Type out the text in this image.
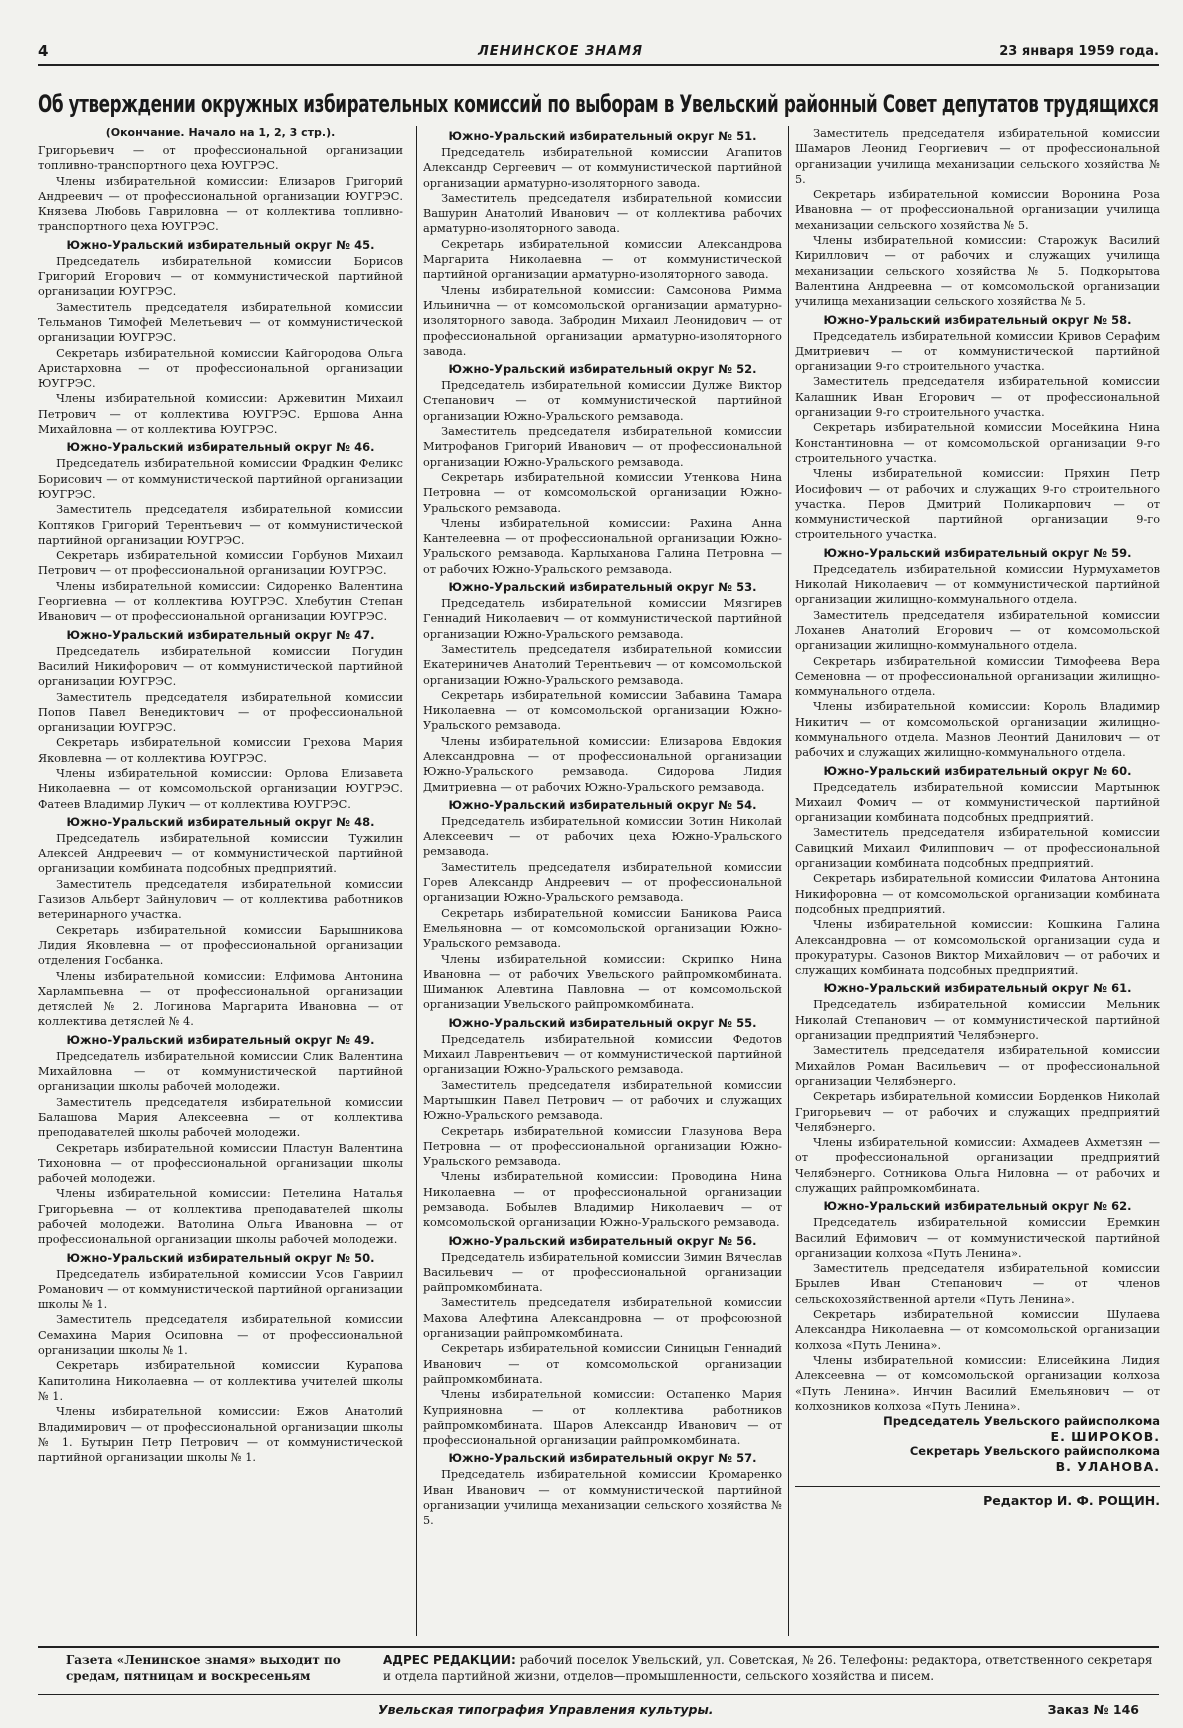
4	ЛЕНИНСКОЕ ЗНАМЯ	23 января 1959 года.
Об утверждении окружных избирательных комиссий по выборам в Увельский районный Совет депутатов трудящихся
(Окончание. Начало на 1, 2, 3 стр.).

Григорьевич — от профессиональной организации топливно-транспортного цеха ЮУГРЭС.

Члены избирательной комиссии: Елизаров Григорий Андреевич — от профессиональной организации ЮУГРЭС. Князева Любовь Гавриловна — от коллектива топливно-транспортного цеха ЮУГРЭС.

Южно-Уральский избирательный округ № 45.

Председатель избирательной комиссии Борисов Григорий Егорович — от коммунистической партийной организации ЮУГРЭС.

Заместитель председателя избирательной комиссии Тельманов Тимофей Мелетьевич — от коммунистической организации ЮУГРЭС.

Секретарь избирательной комиссии Кайгородова Ольга Аристарховна — от профессиональной организации ЮУГРЭС.

Члены избирательной комиссии: Аржевитин Михаил Петрович — от коллектива ЮУГРЭС. Ершова Анна Михайловна — от коллектива ЮУГРЭС.

Южно-Уральский избирательный округ № 46.

Председатель избирательной комиссии Фрадкин Феликс Борисович — от коммунистической партийной организации ЮУГРЭС.

Заместитель председателя избирательной комиссии Коптяков Григорий Терентьевич — от коммунистической партийной организации ЮУГРЭС.

Секретарь избирательной комиссии Горбунов Михаил Петрович — от профессиональной организации ЮУГРЭС.

Члены избирательной комиссии: Сидоренко Валентина Георгиевна — от коллектива ЮУГРЭС. Хлебутин Степан Иванович — от профессиональной организации ЮУГРЭС.

Южно-Уральский избирательный округ № 47.

Председатель избирательной комиссии Погудин Василий Никифорович — от коммунистической партийной организации ЮУГРЭС.

Заместитель председателя избирательной комиссии Попов Павел Венедиктович — от профессиональной организации ЮУГРЭС.

Секретарь избирательной комиссии Грехова Мария Яковлевна — от коллектива ЮУГРЭС.

Члены избирательной комиссии: Орлова Елизавета Николаевна — от комсомольской организации ЮУГРЭС. Фатеев Владимир Лукич — от коллектива ЮУГРЭС.

Южно-Уральский избирательный округ № 48.

Председатель избирательной комиссии Тужилин Алексей Андреевич — от коммунистической партийной организации комбината подсобных предприятий.

Заместитель председателя избирательной комиссии Газизов Альберт Зайнулович — от коллектива работников ветеринарного участка.

Секретарь избирательной комиссии Барышникова Лидия Яковлевна — от профессиональной организации отделения Госбанка.

Члены избирательной комиссии: Елфимова Антонина Харлампьевна — от профессиональной организации детяслей № 2. Логинова Маргарита Ивановна — от коллектива детяслей № 4.

Южно-Уральский избирательный округ № 49.

Председатель избирательной комиссии Слик Валентина Михайловна — от коммунистической партийной организации школы рабочей молодежи.

Заместитель председателя избирательной комиссии Балашова Мария Алексеевна — от коллектива преподавателей школы рабочей молодежи.

Секретарь избирательной комиссии Пластун Валентина Тихоновна — от профессиональной организации школы рабочей молодежи.

Члены избирательной комиссии: Петелина Наталья Григорьевна — от коллектива преподавателей школы рабочей молодежи. Ватолина Ольга Ивановна — от профессиональной организации школы рабочей молодежи.

Южно-Уральский избирательный округ № 50.

Председатель избирательной комиссии Усов Гавриил Романович — от коммунистической партийной организации школы № 1.

Заместитель председателя избирательной комиссии Семахина Мария Осиповна — от профессиональной организации школы № 1.

Секретарь избирательной комиссии Курапова Капитолина Николаевна — от коллектива учителей школы № 1.

Члены избирательной комиссии: Ежов Анатолий Владимирович — от профессиональной организации школы № 1. Бутырин Петр Петрович — от коммунистической партийной организации школы № 1.

Южно-Уральский избирательный округ № 51.

Председатель избирательной комиссии Агапитов Александр Сергеевич — от коммунистической партийной организации арматурно-изоляторного завода.

Заместитель председателя избирательной комиссии Вашурин Анатолий Иванович — от коллектива рабочих арматурно-изоляторного завода.

Секретарь избирательной комиссии Александрова Маргарита Николаевна — от коммунистической партийной организации арматурно-изоляторного завода.

Члены избирательной комиссии: Самсонова Римма Ильинична — от комсомольской организации арматурно-изоляторного завода. Забродин Михаил Леонидович — от профессиональной организации арматурно-изоляторного завода.

Южно-Уральский избирательный округ № 52.

Председатель избирательной комиссии Дулже Виктор Степанович — от коммунистической партийной организации Южно-Уральского ремзавода.

Заместитель председателя избирательной комиссии Митрофанов Григорий Иванович — от профессиональной организации Южно-Уральского ремзавода.

Секретарь избирательной комиссии Утенкова Нина Петровна — от комсомольской организации Южно-Уральского ремзавода.

Члены избирательной комиссии: Рахина Анна Кантелеевна — от профессиональной организации Южно-Уральского ремзавода. Карлыханова Галина Петровна — от рабочих Южно-Уральского ремзавода.

Южно-Уральский избирательный округ № 53.

Председатель избирательной комиссии Мязгирев Геннадий Николаевич — от коммунистической партийной организации Южно-Уральского ремзавода.

Заместитель председателя избирательной комиссии Екатериничев Анатолий Терентьевич — от комсомольской организации Южно-Уральского ремзавода.

Секретарь избирательной комиссии Забавина Тамара Николаевна — от комсомольской организации Южно-Уральского ремзавода.

Члены избирательной комиссии: Елизарова Евдокия Александровна — от профессиональной организации Южно-Уральского ремзавода. Сидорова Лидия Дмитриевна — от рабочих Южно-Уральского ремзавода.

Южно-Уральский избирательный округ № 54.

Председатель избирательной комиссии Зотин Николай Алексеевич — от рабочих цеха Южно-Уральского ремзавода.

Заместитель председателя избирательной комиссии Горев Александр Андреевич — от профессиональной организации Южно-Уральского ремзавода.

Секретарь избирательной комиссии Баникова Раиса Емельяновна — от комсомольской организации Южно-Уральского ремзавода.

Члены избирательной комиссии: Скрипко Нина Ивановна — от рабочих Увельского райпромкомбината. Шиманюк Алевтина Павловна — от комсомольской организации Увельского райпромкомбината.

Южно-Уральский избирательный округ № 55.

Председатель избирательной комиссии Федотов Михаил Лаврентьевич — от коммунистической партийной организации Южно-Уральского ремзавода.

Заместитель председателя избирательной комиссии Мартышкин Павел Петрович — от рабочих и служащих Южно-Уральского ремзавода.

Секретарь избирательной комиссии Глазунова Вера Петровна — от профессиональной организации Южно-Уральского ремзавода.

Члены избирательной комиссии: Проводина Нина Николаевна — от профессиональной организации ремзавода. Бобылев Владимир Николаевич — от комсомольской организации Южно-Уральского ремзавода.

Южно-Уральский избирательный округ № 56.

Председатель избирательной комиссии Зимин Вячеслав Васильевич — от профессиональной организации райпромкомбината.

Заместитель председателя избирательной комиссии Махова Алефтина Александровна — от профсоюзной организации райпромкомбината.

Секретарь избирательной комиссии Синицын Геннадий Иванович — от комсомольской организации райпромкомбината.

Члены избирательной комиссии: Остапенко Мария Куприяновна — от коллектива работников райпромкомбината. Шаров Александр Иванович — от профессиональной организации райпромкомбината.

Южно-Уральский избирательный округ № 57.

Председатель избирательной комиссии Кромаренко Иван Иванович — от коммунистической партийной организации училища механизации сельского хозяйства № 5.

Заместитель председателя избирательной комиссии Шамаров Леонид Георгиевич — от профессиональной организации училища механизации сельского хозяйства № 5.

Секретарь избирательной комиссии Воронина Роза Ивановна — от профессиональной организации училища механизации сельского хозяйства № 5.

Члены избирательной комиссии: Старожук Василий Кириллович — от рабочих и служащих училища механизации сельского хозяйства № 5. Подкорытова Валентина Андреевна — от комсомольской организации училища механизации сельского хозяйства № 5.

Южно-Уральский избирательный округ № 58.

Председатель избирательной комиссии Кривов Серафим Дмитриевич — от коммунистической партийной организации 9-го строительного участка.

Заместитель председателя избирательной комиссии Калашник Иван Егорович — от профессиональной организации 9-го строительного участка.

Секретарь избирательной комиссии Мосейкина Нина Константиновна — от комсомольской организации 9-го строительного участка.

Члены избирательной комиссии: Пряхин Петр Иосифович — от рабочих и служащих 9-го строительного участка. Перов Дмитрий Поликарпович — от коммунистической партийной организации 9-го строительного участка.

Южно-Уральский избирательный округ № 59.

Председатель избирательной комиссии Нурмухаметов Николай Николаевич — от коммунистической партийной организации жилищно-коммунального отдела.

Заместитель председателя избирательной комиссии Лоханев Анатолий Егорович — от комсомольской организации жилищно-коммунального отдела.

Секретарь избирательной комиссии Тимофеева Вера Семеновна — от профессиональной организации жилищно-коммунального отдела.

Члены избирательной комиссии: Король Владимир Никитич — от комсомольской организации жилищно-коммунального отдела. Мазнов Леонтий Данилович — от рабочих и служащих жилищно-коммунального отдела.

Южно-Уральский избирательный округ № 60.

Председатель избирательной комиссии Мартынюк Михаил Фомич — от коммунистической партийной организации комбината подсобных предприятий.

Заместитель председателя избирательной комиссии Савицкий Михаил Филиппович — от профессиональной организации комбината подсобных предприятий.

Секретарь избирательной комиссии Филатова Антонина Никифоровна — от комсомольской организации комбината подсобных предприятий.

Члены избирательной комиссии: Кошкина Галина Александровна — от комсомольской организации суда и прокуратуры. Сазонов Виктор Михайлович — от рабочих и служащих комбината подсобных предприятий.

Южно-Уральский избирательный округ № 61.

Председатель избирательной комиссии Мельник Николай Степанович — от коммунистической партийной организации предприятий Челябэнерго.

Заместитель председателя избирательной комиссии Михайлов Роман Васильевич — от профессиональной организации Челябэнерго.

Секретарь избирательной комиссии Борденков Николай Григорьевич — от рабочих и служащих предприятий Челябэнерго.

Члены избирательной комиссии: Ахмадеев Ахметзян — от профессиональной организации предприятий Челябэнерго. Сотникова Ольга Ниловна — от рабочих и служащих райпромкомбината.

Южно-Уральский избирательный округ № 62.

Председатель избирательной комиссии Еремкин Василий Ефимович — от коммунистической партийной организации колхоза «Путь Ленина».

Заместитель председателя избирательной комиссии Брылев Иван Степанович — от членов сельскохозяйственной артели «Путь Ленина».

Секретарь избирательной комиссии Шулаева Александра Николаевна — от комсомольской организации колхоза «Путь Ленина».

Члены избирательной комиссии: Елисейкина Лидия Алексеевна — от комсомольской организации колхоза «Путь Ленина». Инчин Василий Емельянович — от колхозников колхоза «Путь Ленина».

Председатель Увельского райисполкома
Е. ШИРОКОВ.
Секретарь Увельского райисполкома
В. УЛАНОВА.
Редактор И. Ф. РОЩИН.
Газета «Ленинское знамя» выходит по средам, пятницам и воскресеньям
АДРЕС РЕДАКЦИИ: рабочий поселок Увельский, ул. Советская, № 26. Телефоны: редактора, ответственного секретаря и отдела партийной жизни, отделов—промышленности, сельского хозяйства и писем.
Увельская типография Управления культуры.	Заказ № 146
